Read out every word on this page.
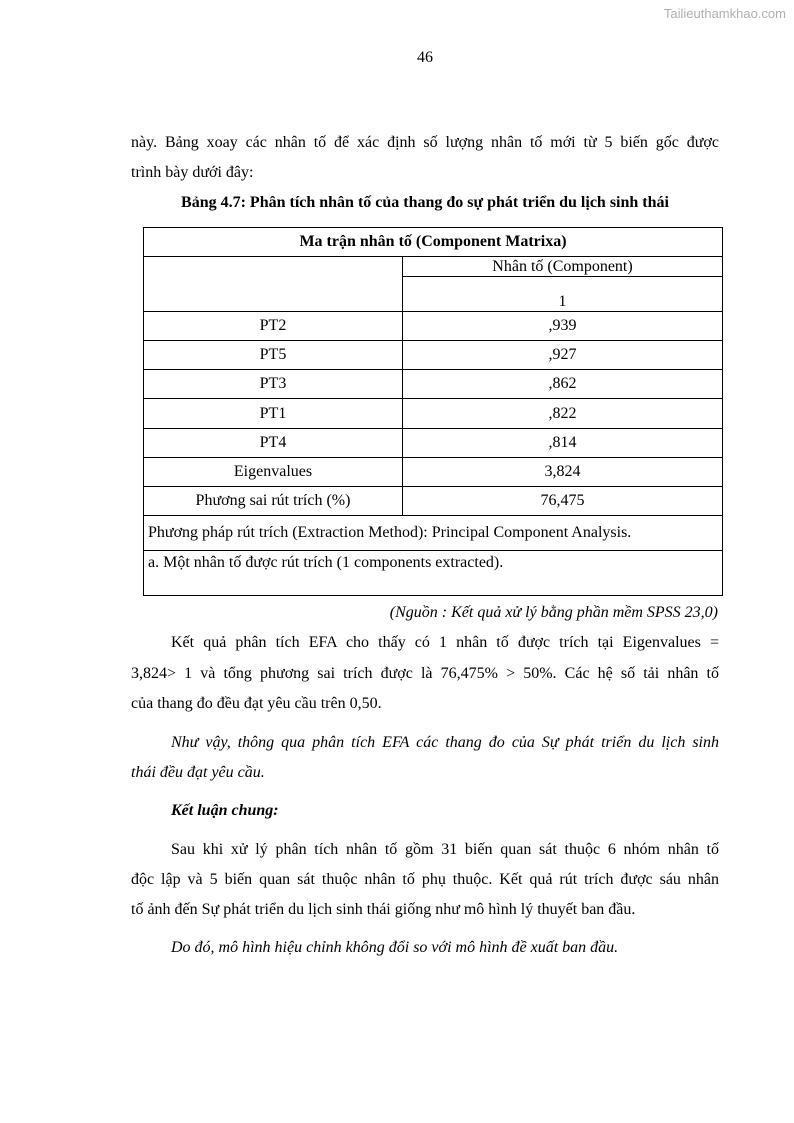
Tailieuthamkhao.com
46
này. Bảng xoay các nhân tố để xác định số lượng nhân tố mới từ 5 biến gốc được
trình bày dưới đây:
Bảng 4.7: Phân tích nhân tố của thang đo sự phát triển du lịch sinh thái
Ma trận nhân tố (Component Matrixa)	
	Nhân tố (Component)
	1
PT2	,939
PT5	,927
PT3	,862
PT1	,822
PT4	,814
Eigenvalues	3,824
Phương sai rút trích (%)	76,475
Phương pháp rút trích (Extraction Method): Principal Component Analysis.	
a. Một nhân tố được rút trích (1 components extracted).	
(Nguồn : Kết quả xử lý bằng phần mềm SPSS 23,0)
Kết quả phân tích EFA cho thấy có 1 nhân tố được trích tại Eigenvalues =
3,824> 1 và tổng phương sai trích được là 76,475% > 50%. Các hệ số tải nhân tố
của thang đo đều đạt yêu cầu trên 0,50.
Như vậy, thông qua phân tích EFA các thang đo của Sự phát triển du lịch sinh
thái đều đạt yêu cầu.
Kết luận chung:
Sau khi xử lý phân tích nhân tố gồm 31 biến quan sát thuộc 6 nhóm nhân tố
độc lập và 5 biến quan sát thuộc nhân tố phụ thuộc. Kết quả rút trích được sáu nhân
tố ảnh đến Sự phát triển du lịch sinh thái giống như mô hình lý thuyết ban đầu.
Do đó, mô hình hiệu chỉnh không đổi so với mô hình đề xuất ban đầu.
